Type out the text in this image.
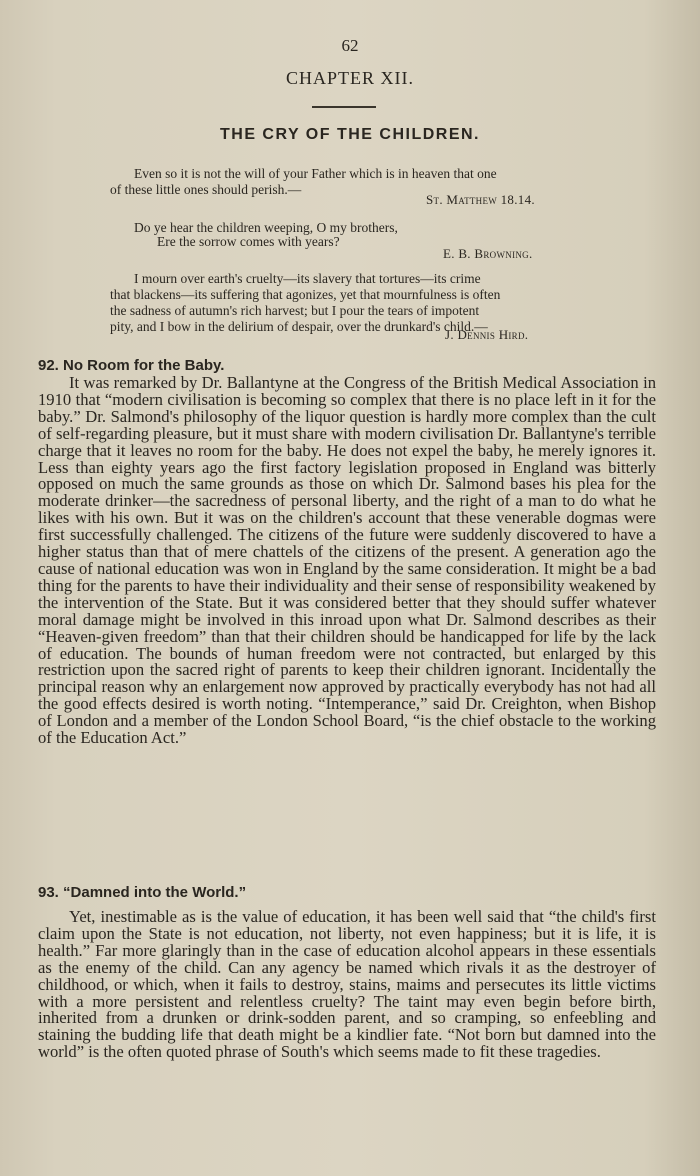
62
CHAPTER XII.
THE CRY OF THE CHILDREN.
Even so it is not the will of your Father which is in heaven that one
of these little ones should perish.—
St. Matthew 18.14.
Do ye hear the children weeping, O my brothers,
Ere the sorrow comes with years?
E. B. Browning.
I mourn over earth's cruelty—its slavery that tortures—its crime
that blackens—its suffering that agonizes, yet that mournfulness is often
the sadness of autumn's rich harvest; but I pour the tears of impotent
pity, and I bow in the delirium of despair, over the drunkard's child.—
J. Dennis Hird.
92. No Room for the Baby.

It was remarked by Dr. Ballantyne at the Congress of the British Medical Association in 1910 that “modern civilisation is becoming so complex that there is no place left in it for the baby.” Dr. Salmond's philosophy of the liquor question is hardly more complex than the cult of self-regarding pleasure, but it must share with modern civilisation Dr. Ballantyne's terrible charge that it leaves no room for the baby. He does not expel the baby, he merely ignores it. Less than eighty years ago the first factory legislation proposed in England was bitterly opposed on much the same grounds as those on which Dr. Salmond bases his plea for the moderate drinker—the sacredness of personal liberty, and the right of a man to do what he likes with his own. But it was on the children's account that these venerable dogmas were first successfully challenged. The citizens of the future were suddenly discovered to have a higher status than that of mere chattels of the citizens of the present. A generation ago the cause of national education was won in England by the same consideration. It might be a bad thing for the parents to have their individuality and their sense of responsibility weakened by the intervention of the State. But it was considered better that they should suffer whatever moral damage might be involved in this inroad upon what Dr. Salmond describes as their “Heaven-given freedom” than that their children should be handicapped for life by the lack of education. The bounds of human freedom were not contracted, but enlarged by this restriction upon the sacred right of parents to keep their children ignorant. Incidentally the principal reason why an enlargement now approved by practically everybody has not had all the good effects desired is worth noting. “Intemperance,” said Dr. Creighton, when Bishop of London and a member of the London School Board, “is the chief obstacle to the working of the Education Act.”

93. “Damned into the World.”

Yet, inestimable as is the value of education, it has been well said that “the child's first claim upon the State is not education, not liberty, not even happiness; but it is life, it is health.” Far more glaringly than in the case of education alcohol appears in these essentials as the enemy of the child. Can any agency be named which rivals it as the destroyer of childhood, or which, when it fails to destroy, stains, maims and persecutes its little victims with a more persistent and relentless cruelty? The taint may even begin before birth, inherited from a drunken or drink-sodden parent, and so cramping, so enfeebling and staining the budding life that death might be a kindlier fate. “Not born but damned into the world” is the often quoted phrase of South's which seems made to fit these tragedies.
